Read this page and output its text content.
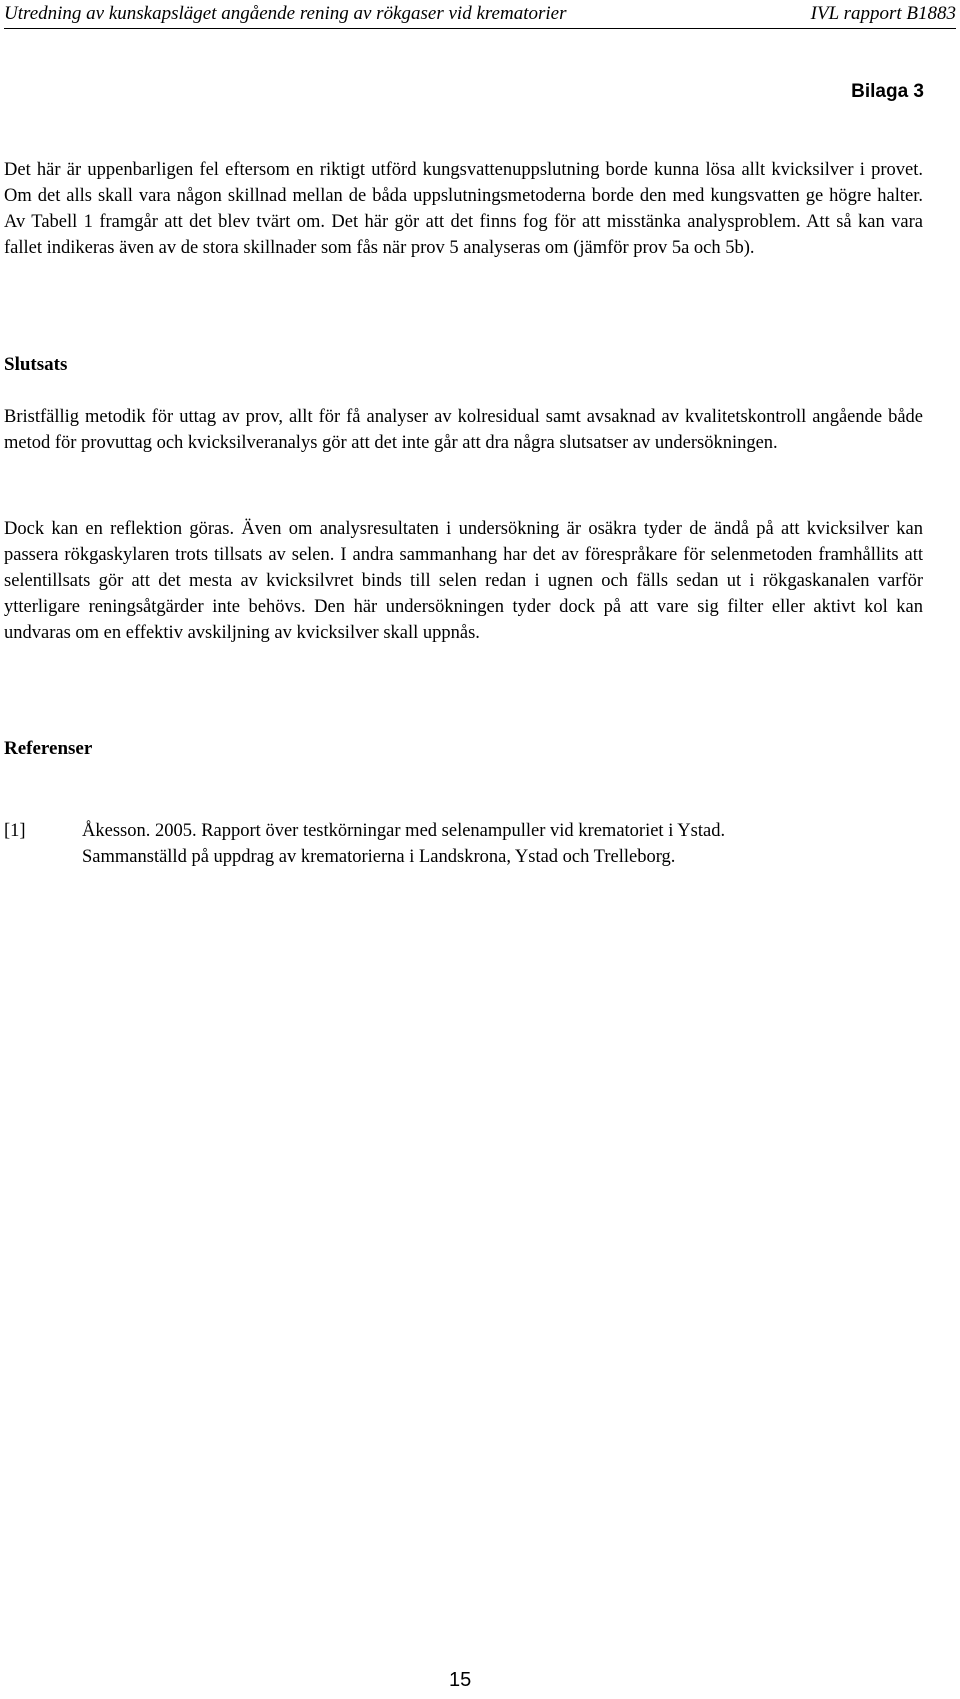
Utredning av kunskapsläget angående rening av rökgaser vid krematorier	IVL rapport B1883
Bilaga 3

Det här är uppenbarligen fel eftersom en riktigt utförd kungsvattenuppslutning borde kunna lösa allt kvicksilver i provet. Om det alls skall vara någon skillnad mellan de båda uppslutningsmetoderna borde den med kungsvatten ge högre halter. Av Tabell 1 framgår att det blev tvärt om. Det här gör att det finns fog för att misstänka analysproblem. Att så kan vara fallet indikeras även av de stora skillnader som fås när prov 5 analyseras om (jämför prov 5a och 5b).

Slutsats

Bristfällig metodik för uttag av prov, allt för få analyser av kolresidual samt avsaknad av kvalitetskontroll angående både metod för provuttag och kvicksilveranalys gör att det inte går att dra några slutsatser av undersökningen.

Dock kan en reflektion göras. Även om analysresultaten i undersökning är osäkra tyder de ändå på att kvicksilver kan passera rökgaskylaren trots tillsats av selen. I andra sammanhang har det av förespråkare för selenmetoden framhållits att selentillsats gör att det mesta av kvicksilvret binds till selen redan i ugnen och fälls sedan ut i rökgaskanalen varför ytterligare reningsåtgärder inte behövs. Den här undersökningen tyder dock på att vare sig filter eller aktivt kol kan undvaras om en effektiv avskiljning av kvicksilver skall uppnås.

Referenser
[1]	Åkesson. 2005. Rapport över testkörningar med selenampuller vid krematoriet i Ystad.
Sammanställd på uppdrag av krematorierna i Landskrona, Ystad och Trelleborg.
15
